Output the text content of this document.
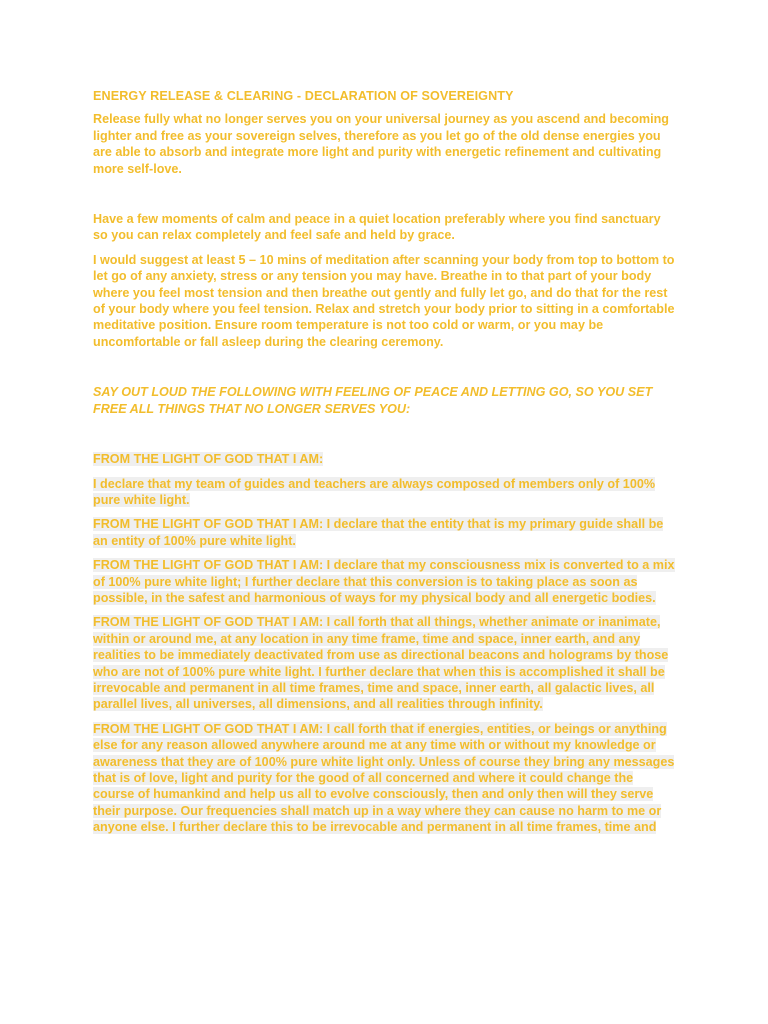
ENERGY RELEASE & CLEARING - DECLARATION OF SOVEREIGNTY

Release fully what no longer serves you on your universal journey as you ascend and becoming lighter and free as your sovereign selves, therefore as you let go of the old dense energies you are able to absorb and integrate more light and purity with energetic refinement and cultivating more self-love.

Have a few moments of calm and peace in a quiet location preferably where you find sanctuary so you can relax completely and feel safe and held by grace.

I would suggest at least 5 – 10 mins of meditation after scanning your body from top to bottom to let go of any anxiety, stress or any tension you may have. Breathe in to that part of your body where you feel most tension and then breathe out gently and fully let go, and do that for the rest of your body where you feel tension. Relax and stretch your body prior to sitting in a comfortable meditative position. Ensure room temperature is not too cold or warm, or you may be uncomfortable or fall asleep during the clearing ceremony.

SAY OUT LOUD THE FOLLOWING WITH FEELING OF PEACE AND LETTING GO, SO YOU SET FREE ALL THINGS THAT NO LONGER SERVES YOU:

FROM THE LIGHT OF GOD THAT I AM:

I declare that my team of guides and teachers are always composed of members only of 100% pure white light.

FROM THE LIGHT OF GOD THAT I AM: I declare that the entity that is my primary guide shall be an entity of 100% pure white light.

FROM THE LIGHT OF GOD THAT I AM: I declare that my consciousness mix is converted to a mix of 100% pure white light; I further declare that this conversion is to taking place as soon as possible, in the safest and harmonious of ways for my physical body and all energetic bodies.

FROM THE LIGHT OF GOD THAT I AM: I call forth that all things, whether animate or inanimate, within or around me, at any location in any time frame, time and space, inner earth, and any realities to be immediately deactivated from use as directional beacons and holograms by those who are not of 100% pure white light. I further declare that when this is accomplished it shall be irrevocable and permanent in all time frames, time and space, inner earth, all galactic lives, all parallel lives, all universes, all dimensions, and all realities through infinity.

FROM THE LIGHT OF GOD THAT I AM: I call forth that if energies, entities, or beings or anything else for any reason allowed anywhere around me at any time with or without my knowledge or awareness that they are of 100% pure white light only. Unless of course they bring any messages that is of love, light and purity for the good of all concerned and where it could change the course of humankind and help us all to evolve consciously, then and only then will they serve their purpose. Our frequencies shall match up in a way where they can cause no harm to me or anyone else. I further declare this to be irrevocable and permanent in all time frames, time and
